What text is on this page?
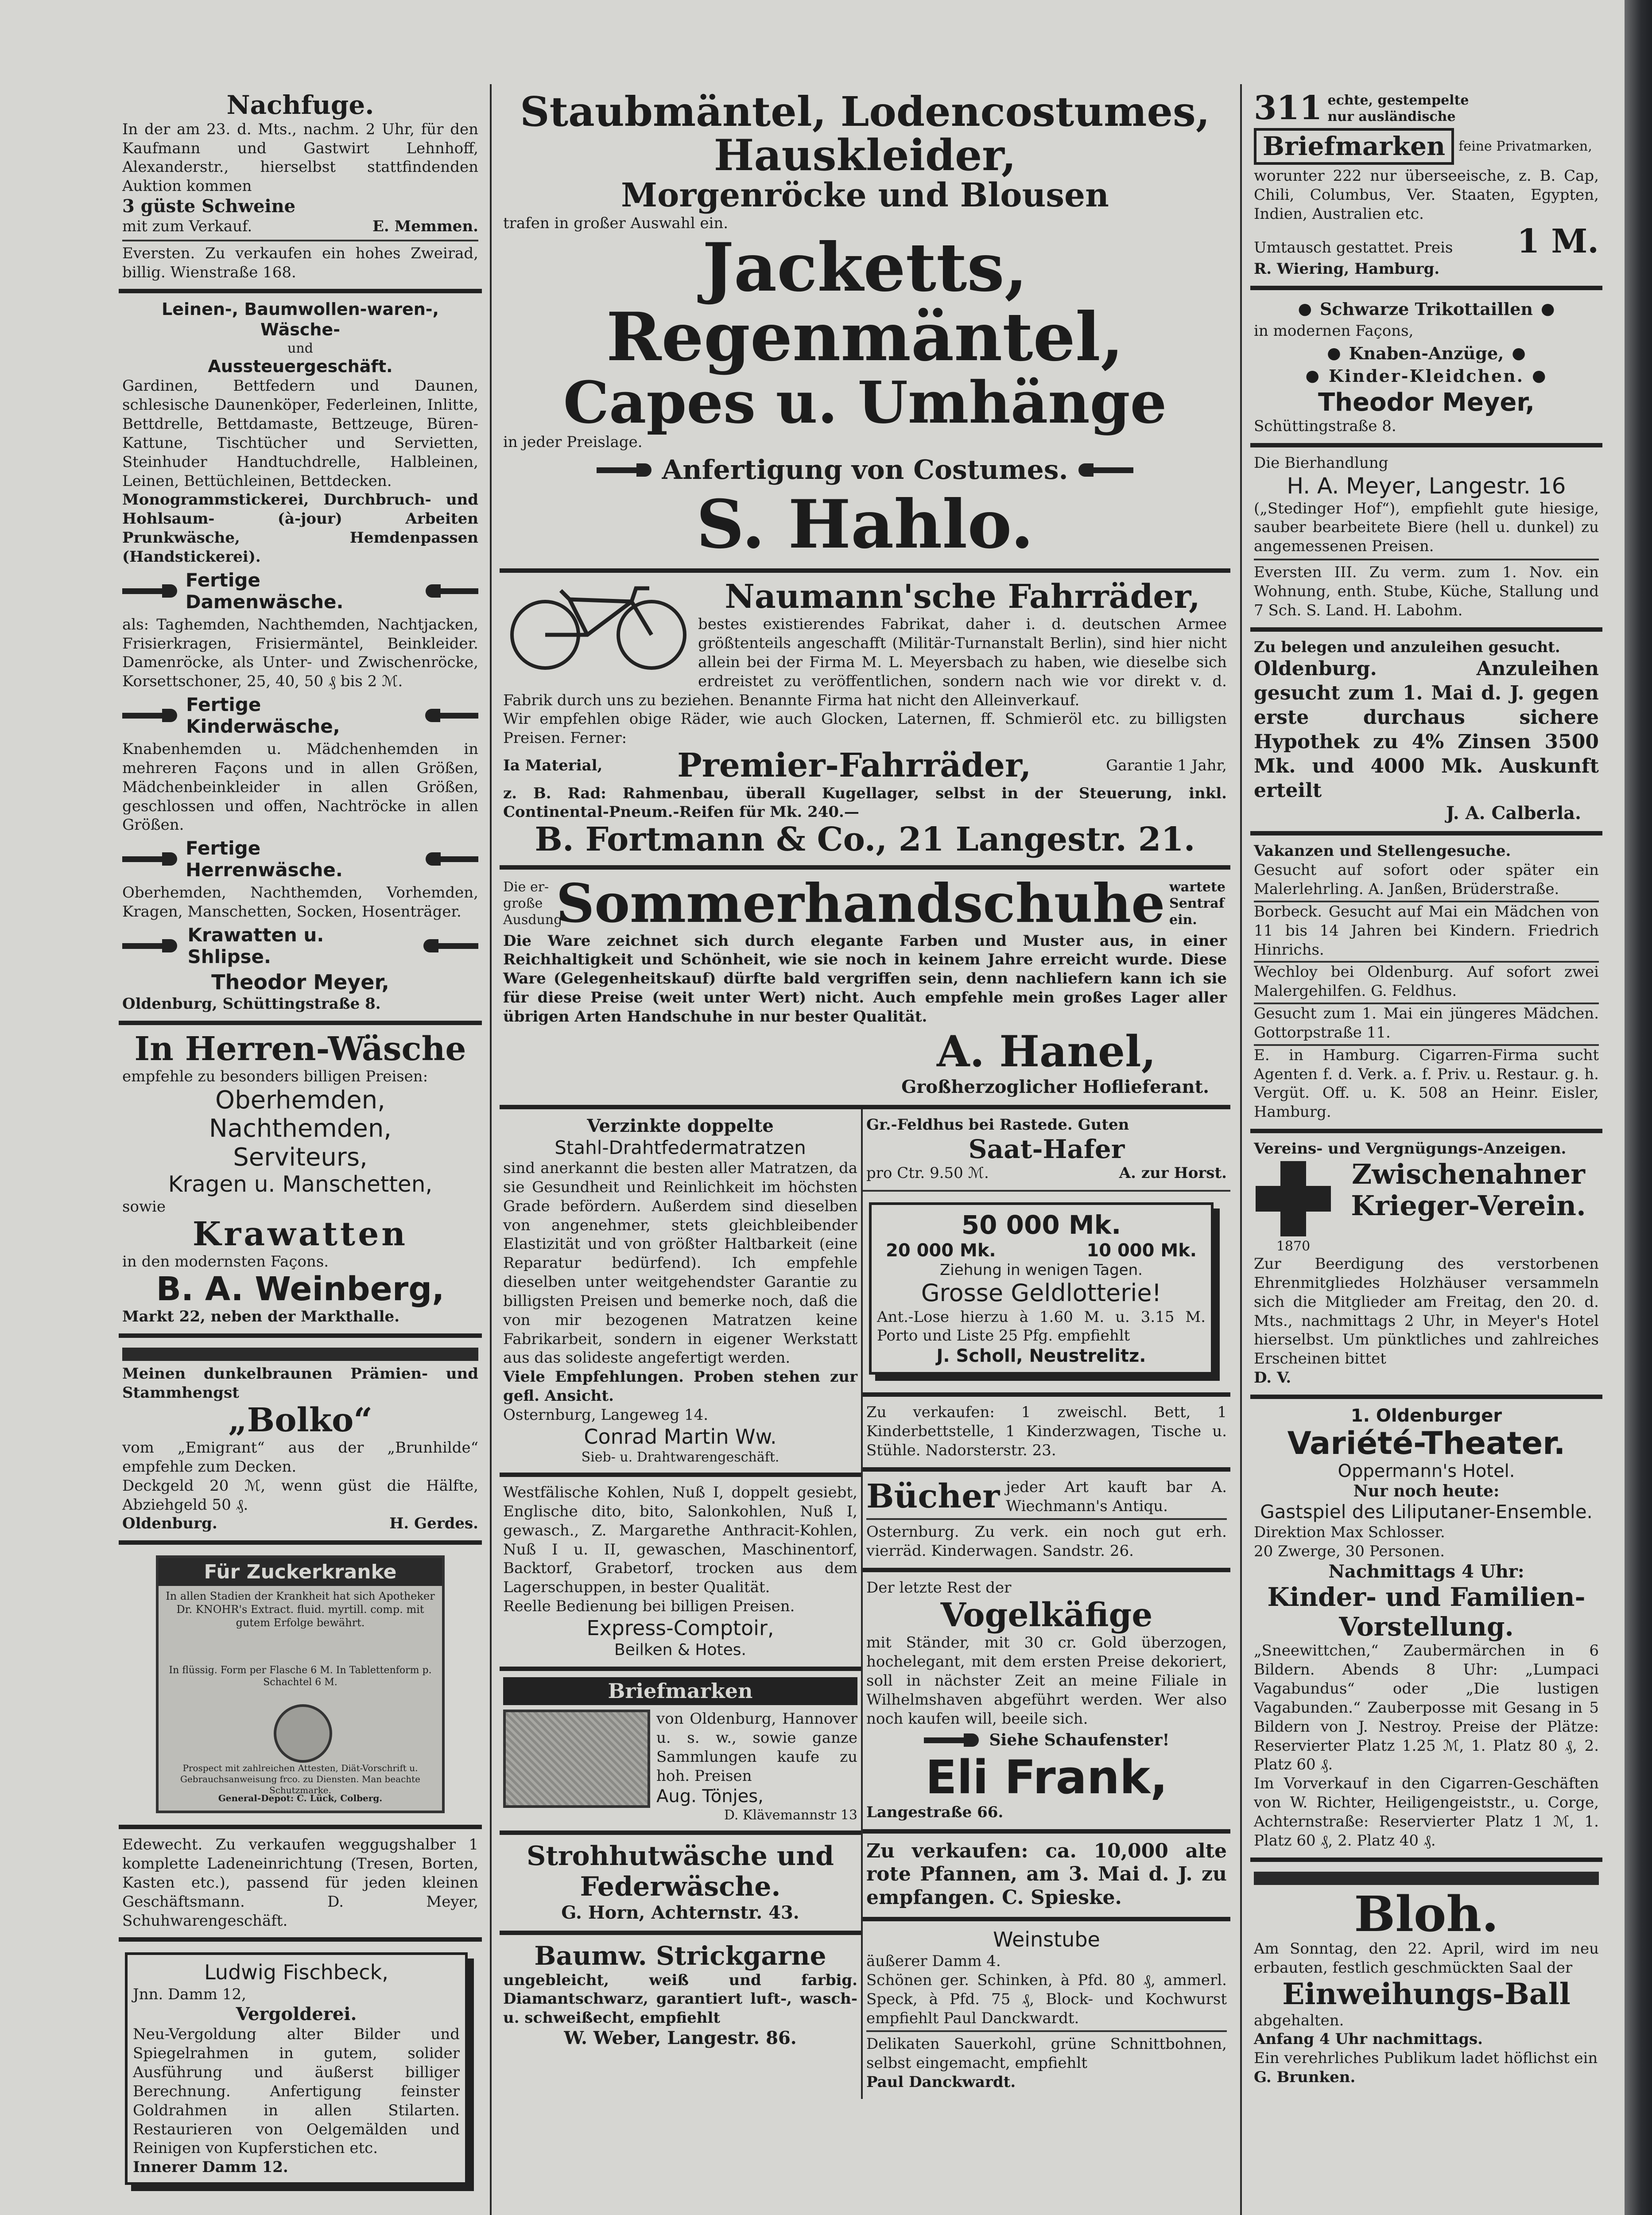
Nachfuge.
In der am 23. d. Mts., nachm. 2 Uhr, für den Kaufmann und Gastwirt Lehnhoff, Alexanderstr., hierselbst stattfindenden Auktion kommen
3 güste Schweine
mit zum Verkauf.	E. Memmen.
Eversten. Zu verkaufen ein hohes Zweirad, billig. Wienstraße 168.
Leinen-, Baumwollen-waren-, Wäsche-
und
Aussteuergeschäft.
Gardinen, Bettfedern und Daunen, schlesische Daunenköper, Federleinen, Inlitte, Bettdrelle, Bettdamaste, Bettzeuge, Büren-Kattune, Tischtücher und Servietten, Steinhuder Handtuchdrelle, Halbleinen, Leinen, Bettüchleinen, Bettdecken.
Monogrammstickerei, Durchbruch- und Hohlsaum- (à-jour) Arbeiten Prunkwäsche, Hemdenpassen (Handstickerei).
Fertige Damenwäsche.
als: Taghemden, Nachthemden, Nachtjacken, Frisierkragen, Frisiermäntel, Beinkleider. Damenröcke, als Unter- und Zwischenröcke, Korsettschoner, 25, 40, 50 ₰ bis 2 ℳ.
Fertige Kinderwäsche,
Knabenhemden u. Mädchenhemden in mehreren Façons und in allen Größen, Mädchenbeinkleider in allen Größen, geschlossen und offen, Nachtröcke in allen Größen.
Fertige Herrenwäsche.
Oberhemden, Nachthemden, Vorhemden, Kragen, Manschetten, Socken, Hosenträger.
Krawatten u. Shlipse.
Theodor Meyer,
Oldenburg, Schüttingstraße 8.
In Herren-Wäsche
empfehle zu besonders billigen Preisen:
Oberhemden,
Nachthemden,
Serviteurs,
Kragen u. Manschetten,
sowie
Krawatten
in den modernsten Façons.
B. A. Weinberg,
Markt 22, neben der Markthalle.
Meinen dunkelbraunen Prämien- und Stammhengst
„Bolko“
vom „Emigrant“ aus der „Brunhilde“ empfehle zum Decken.
Deckgeld 20 ℳ, wenn güst die Hälfte, Abziehgeld 50 ₰.
Oldenburg.	H. Gerdes.
Für Zuckerkranke
In allen Stadien der Krankheit hat sich Apotheker Dr. KNOHR's Extract. fluid. myrtill. comp. mit gutem Erfolge bewährt.
In flüssig. Form per Flasche 6 M. In Tablettenform p. Schachtel 6 M.
Prospect mit zahlreichen Attesten, Diät-Vorschrift u. Gebrauchsanweisung frco. zu Diensten. Man beachte Schutzmarke.
General-Depot: C. Lück, Colberg.
Edewecht. Zu verkaufen weggugshalber 1 komplette Ladeneinrichtung (Tresen, Borten, Kasten etc.), passend für jeden kleinen Geschäftsmann. D. Meyer, Schuhwarengeschäft.
Ludwig Fischbeck,
Jnn. Damm 12,
Vergolderei.
Neu-Vergoldung alter Bilder und Spiegelrahmen in gutem, solider Ausführung und äußerst billiger Berechnung. Anfertigung feinster Goldrahmen in allen Stilarten. Restaurieren von Oelgemälden und Reinigen von Kupferstichen etc.
Innerer Damm 12.
Staubmäntel, Lodencostumes,
Hauskleider,
Morgenröcke und Blousen
trafen in großer Auswahl ein.
Jacketts, Regenmäntel,
Capes u. Umhänge
in jeder Preislage.
Anfertigung von Costumes.
S. Hahlo.
Naumann'sche Fahrräder,
bestes existierendes Fabrikat, daher i. d. deutschen Armee größtenteils angeschafft (Militär-Turnanstalt Berlin), sind hier nicht allein bei der Firma M. L. Meyersbach zu haben, wie dieselbe sich erdreistet zu veröffentlichen, sondern nach wie vor direkt v. d. Fabrik durch uns zu beziehen. Benannte Firma hat nicht den Alleinverkauf.
Wir empfehlen obige Räder, wie auch Glocken, Laternen, ff. Schmieröl etc. zu billigsten Preisen. Ferner:
Ia Material, Premier-Fahrräder,	Garantie 1 Jahr,
z. B. Rad: Rahmenbau, überall Kugellager, selbst in der Steuerung, inkl. Continental-Pneum.-Reifen für Mk. 240.—
B. Fortmann & Co., 21 Langestr. 21.
Die er-große Ausdung
Sommerhandschuhe wartete Sentraf ein.
Die Ware zeichnet sich durch elegante Farben und Muster aus, in einer Reichhaltigkeit und Schönheit, wie sie noch in keinem Jahre erreicht wurde. Diese Ware (Gelegenheitskauf) dürfte bald vergriffen sein, denn nachliefern kann ich sie für diese Preise (weit unter Wert) nicht. Auch empfehle mein großes Lager aller übrigen Arten Handschuhe in nur bester Qualität.
A. Hanel,
Großherzoglicher Hoflieferant.
Verzinkte doppelte
Stahl-Drahtfedermatratzen
sind anerkannt die besten aller Matratzen, da sie Gesundheit und Reinlichkeit im höchsten Grade befördern. Außerdem sind dieselben von angenehmer, stets gleichbleibender Elastizität und von größter Haltbarkeit (eine Reparatur bedürfend). Ich empfehle dieselben unter weitgehendster Garantie zu billigsten Preisen und bemerke noch, daß die von mir bezogenen Matratzen keine Fabrikarbeit, sondern in eigener Werkstatt aus das solideste angefertigt werden.
Viele Empfehlungen. Proben stehen zur gefl. Ansicht.
Osternburg, Langeweg 14.
Conrad Martin Ww.
Sieb- u. Drahtwarengeschäft.
Westfälische Kohlen, Nuß I, doppelt gesiebt, Englische dito, bito, Salonkohlen, Nuß I, gewasch., Z. Margarethe Anthracit-Kohlen, Nuß I u. II, gewaschen, Maschinentorf, Backtorf, Grabetorf, trocken aus dem Lagerschuppen, in bester Qualität.
Reelle Bedienung bei billigen Preisen.
Express-Comptoir,
Beilken & Hotes.
Briefmarken
von Oldenburg, Hannover u. s. w., sowie ganze Sammlungen kaufe zu hoh. Preisen
Aug. Tönjes,
D. Klävemannstr 13
Strohhutwäsche und Federwäsche.
G. Horn, Achternstr. 43.
Baumw. Strickgarne
ungebleicht, weiß und farbig. Diamantschwarz, garantiert luft-, wasch- u. schweißecht, empfiehlt
W. Weber, Langestr. 86.
Gr.-Feldhus bei Rastede. Guten
Saat-Hafer
pro Ctr. 9.50 ℳ.	A. zur Horst.
50 000 Mk.
20 000 Mk.	10 000 Mk.
Ziehung in wenigen Tagen.
Grosse Geldlotterie!
Ant.-Lose hierzu à 1.60 M. u. 3.15 M. Porto und Liste 25 Pfg. empfiehlt
J. Scholl, Neustrelitz.
Zu verkaufen: 1 zweischl. Bett, 1 Kinderbettstelle, 1 Kinderzwagen, Tische u. Stühle. Nadorsterstr. 23.
Bücher jeder Art kauft bar A. Wiechmann's Antiqu.
Osternburg. Zu verk. ein noch gut erh. vierräd. Kinderwagen. Sandstr. 26.
Der letzte Rest der
Vogelkäfige
mit Ständer, mit 30 cr. Gold überzogen, hochelegant, mit dem ersten Preise dekoriert, soll in nächster Zeit an meine Filiale in Wilhelmshaven abgeführt werden. Wer also noch kaufen will, beeile sich.
Siehe Schaufenster!
Eli Frank,
Langestraße 66.
Zu verkaufen: ca. 10,000 alte rote Pfannen, am 3. Mai d. J. zu empfangen. C. Spieske.
Weinstube
äußerer Damm 4.
Schönen ger. Schinken, à Pfd. 80 ₰, ammerl. Speck, à Pfd. 75 ₰, Block- und Kochwurst empfiehlt Paul Danckwardt.
Delikaten Sauerkohl, grüne Schnittbohnen, selbst eingemacht, empfiehlt
Paul Danckwardt.
311 echte, gestempelte
nur ausländische
Briefmarken	feine Privatmarken,
worunter 222 nur überseeische, z. B. Cap, Chili, Columbus, Ver. Staaten, Egypten, Indien, Australien etc.
Umtausch gestattet. Preis 1 M.
R. Wiering, Hamburg.
● Schwarze Trikottaillen ●
in modernen Façons,
● Knaben-Anzüge, ●
● Kinder-Kleidchen. ●
Theodor Meyer,
Schüttingstraße 8.
Die Bierhandlung
H. A. Meyer, Langestr. 16
(„Stedinger Hof“), empfiehlt gute hiesige, sauber bearbeitete Biere (hell u. dunkel) zu angemessenen Preisen.
Eversten III. Zu verm. zum 1. Nov. ein Wohnung, enth. Stube, Küche, Stallung und 7 Sch. S. Land. H. Labohm.
Zu belegen und anzuleihen gesucht.
Oldenburg. Anzuleihen gesucht zum 1. Mai d. J. gegen erste durchaus sichere Hypothek zu 4% Zinsen 3500 Mk. und 4000 Mk. Auskunft erteilt
J. A. Calberla.
Vakanzen und Stellengesuche.
Gesucht auf sofort oder später ein Malerlehrling. A. Janßen, Brüderstraße.
Borbeck. Gesucht auf Mai ein Mädchen von 11 bis 14 Jahren bei Kindern. Friedrich Hinrichs.
Wechloy bei Oldenburg. Auf sofort zwei Malergehilfen. G. Feldhus.
Gesucht zum 1. Mai ein jüngeres Mädchen. Gottorpstraße 11.
E. in Hamburg. Cigarren-Firma sucht Agenten f. d. Verk. a. f. Priv. u. Restaur. g. h. Vergüt. Off. u. K. 508 an Heinr. Eisler, Hamburg.
Vereins- und Vergnügungs-Anzeigen.
Zwischenahner Krieger-Verein.
1870
Zur Beerdigung des verstorbenen Ehrenmitgliedes Holzhäuser versammeln sich die Mitglieder am Freitag, den 20. d. Mts., nachmittags 2 Uhr, in Meyer's Hotel hierselbst. Um pünktliches und zahlreiches Erscheinen bittet
D. V.
1. Oldenburger
Variété-Theater.
Oppermann's Hotel.
Nur noch heute:
Gastspiel des Liliputaner-Ensemble.
Direktion Max Schlosser.
20 Zwerge, 30 Personen.
Nachmittags 4 Uhr:
Kinder- und Familien-Vorstellung.
„Sneewittchen,“ Zaubermärchen in 6 Bildern. Abends 8 Uhr: „Lumpaci Vagabundus“ oder „Die lustigen Vagabunden.“ Zauberposse mit Gesang in 5 Bildern von J. Nestroy. Preise der Plätze: Reservierter Platz 1.25 ℳ, 1. Platz 80 ₰, 2. Platz 60 ₰.
Im Vorverkauf in den Cigarren-Geschäften von W. Richter, Heiligengeiststr., u. Corge, Achternstraße: Reservierter Platz 1 ℳ, 1. Platz 60 ₰, 2. Platz 40 ₰.
Bloh.
Am Sonntag, den 22. April, wird im neu erbauten, festlich geschmückten Saal der
Einweihungs-Ball
abgehalten.
Anfang 4 Uhr nachmittags.
Ein verehrliches Publikum ladet höflichst ein
G. Brunken.
